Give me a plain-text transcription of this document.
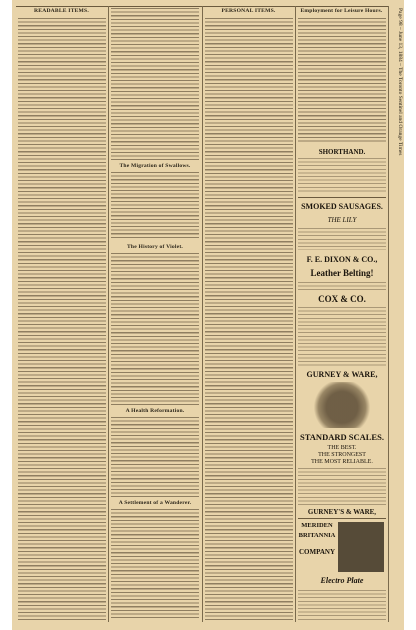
Page 98 – June 13, 1884 – The Toronto Sentinel and Orange Times
READABLE ITEMS.
The Migration of Swallows.
The History of Violet.
A Health Reformation.
A Settlement of a Wanderer.
PERSONAL ITEMS.	Employment for Leisure Hours.
SHORTHAND.
SMOKED SAUSAGES.
THE LILY
F. E. DIXON & CO.,
Leather Belting!
COX & CO.
GURNEY & WARE,
STANDARD SCALES.
THE BEST.
THE STRONGEST
THE MOST RELIABLE.
GURNEY'S & WARE,
MERIDEN
BRITANNIA
COMPANY
Electro Plate
